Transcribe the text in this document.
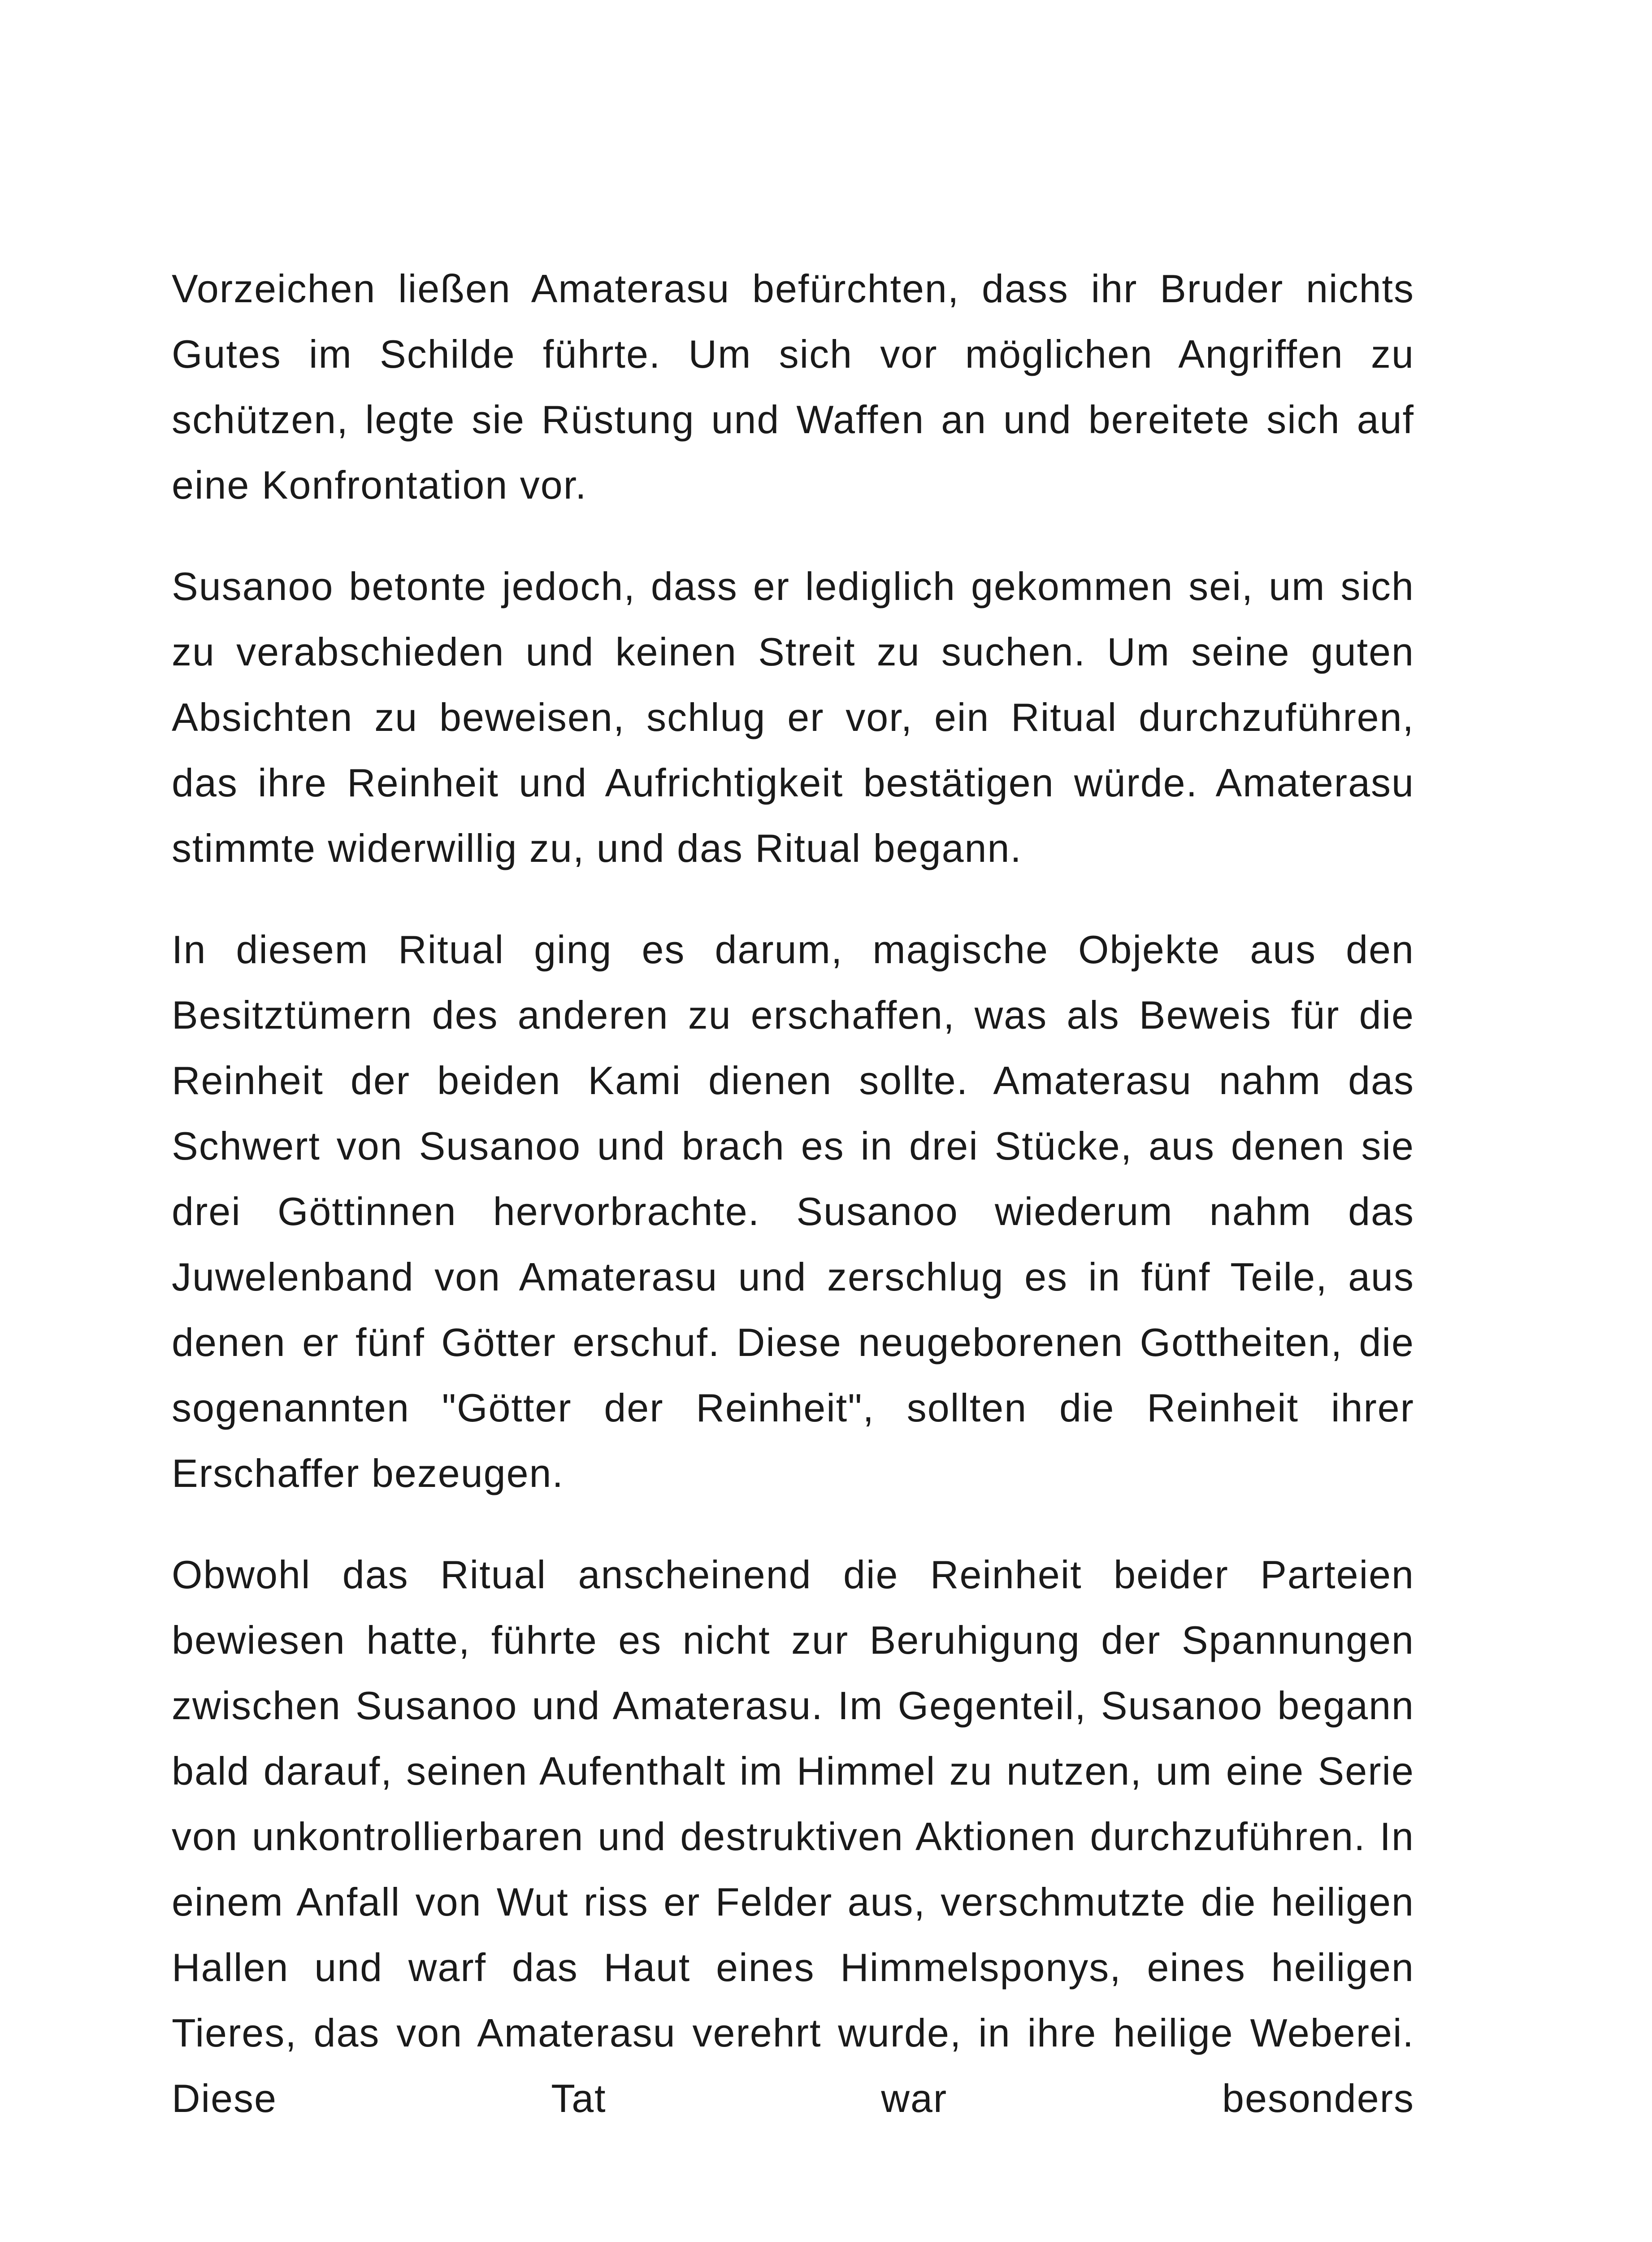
Vorzeichen ließen Amaterasu befürchten, dass ihr Bruder nichts Gutes im Schilde führte. Um sich vor möglichen Angriffen zu schützen, legte sie Rüstung und Waffen an und bereitete sich auf eine Konfrontation vor.

Susanoo betonte jedoch, dass er lediglich gekommen sei, um sich zu verabschieden und keinen Streit zu suchen. Um seine guten Absichten zu beweisen, schlug er vor, ein Ritual durchzuführen, das ihre Reinheit und Aufrichtigkeit bestätigen würde. Amaterasu stimmte widerwillig zu, und das Ritual begann.

In diesem Ritual ging es darum, magische Objekte aus den Besitztümern des anderen zu erschaffen, was als Beweis für die Reinheit der beiden Kami dienen sollte. Amaterasu nahm das Schwert von Susanoo und brach es in drei Stücke, aus denen sie drei Göttinnen hervorbrachte. Susanoo wiederum nahm das Juwelenband von Amaterasu und zerschlug es in fünf Teile, aus denen er fünf Götter erschuf. Diese neugeborenen Gottheiten, die sogenannten "Götter der Reinheit", sollten die Reinheit ihrer Erschaffer bezeugen.

Obwohl das Ritual anscheinend die Reinheit beider Parteien bewiesen hatte, führte es nicht zur Beruhigung der Spannungen zwischen Susanoo und Amaterasu. Im Gegenteil, Susanoo begann bald darauf, seinen Aufenthalt im Himmel zu nutzen, um eine Serie von unkontrollierbaren und destruktiven Aktionen durchzuführen. In einem Anfall von Wut riss er Felder aus, verschmutzte die heiligen Hallen und warf das Haut eines Himmelsponys, eines heiligen Tieres, das von Amaterasu verehrt wurde, in ihre heilige Weberei. Diese Tat war besonders
